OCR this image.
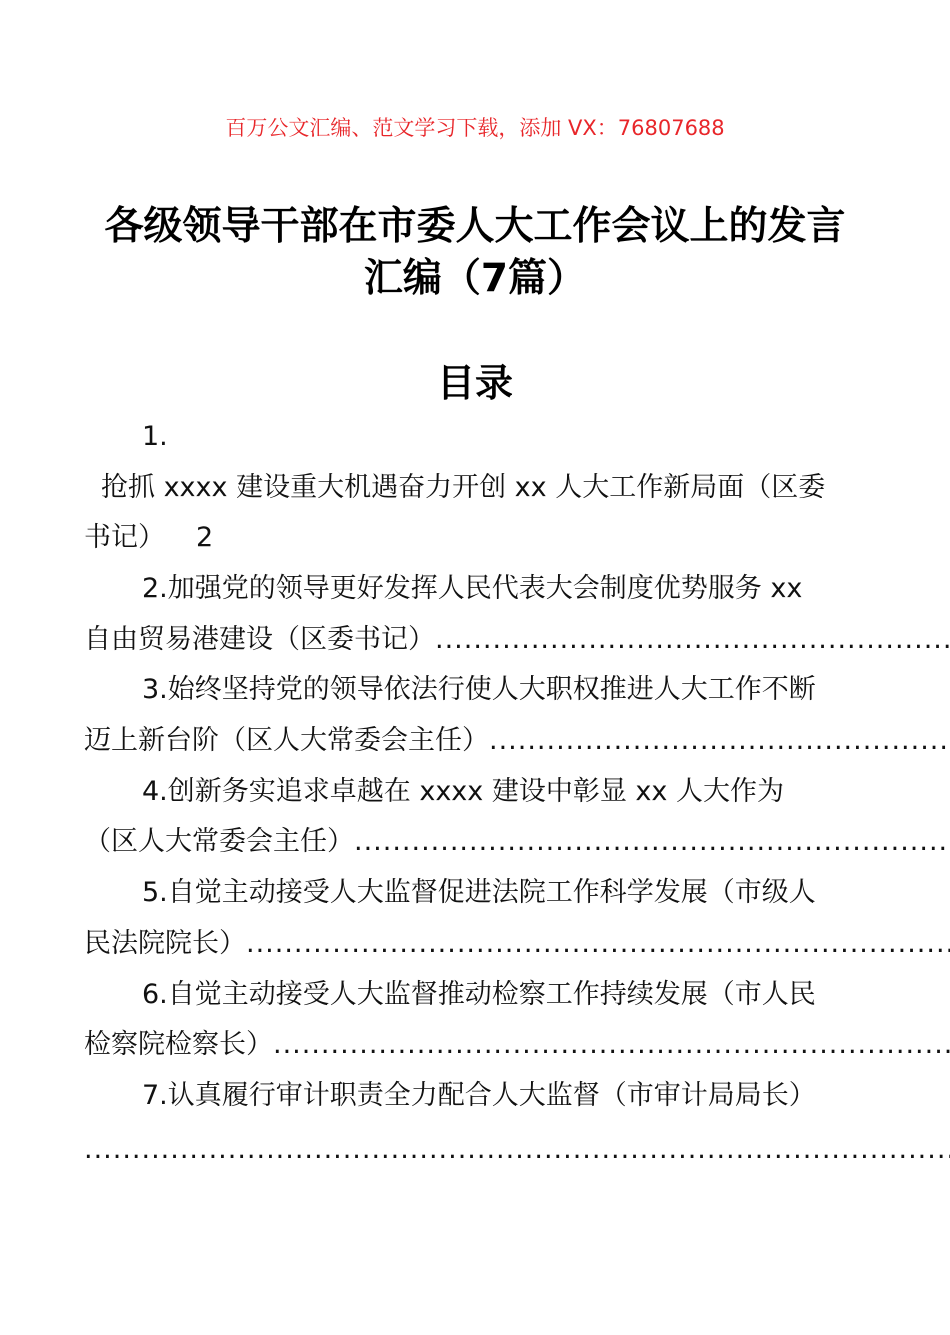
百万公文汇编、范文学习下载，添加 VX：76807688
各级领导干部在市委人大工作会议上的发言
汇编（7篇）
目录
1.
抢抓 xxxx 建设重大机遇奋力开创 xx 人大工作新局面（区委
书记） 2
2.加强党的领导更好发挥人民代表大会制度优势服务 xx
自由贸易港建设（区委书记）
.....
3.始终坚持党的领导依法行使人大职权推进人大工作不断
迈上新台阶（区人大常委会主任）
.....
4.创新务实追求卓越在 xxxx 建设中彰显 xx 人大作为
（区人大常委会主任）
.....
5.自觉主动接受人大监督促进法院工作科学发展（市级人
民法院院长）
.....
6.自觉主动接受人大监督推动检察工作持续发展（市人民
检察院检察长）
.....
7.认真履行审计职责全力配合人大监督（市审计局局长）
.....
